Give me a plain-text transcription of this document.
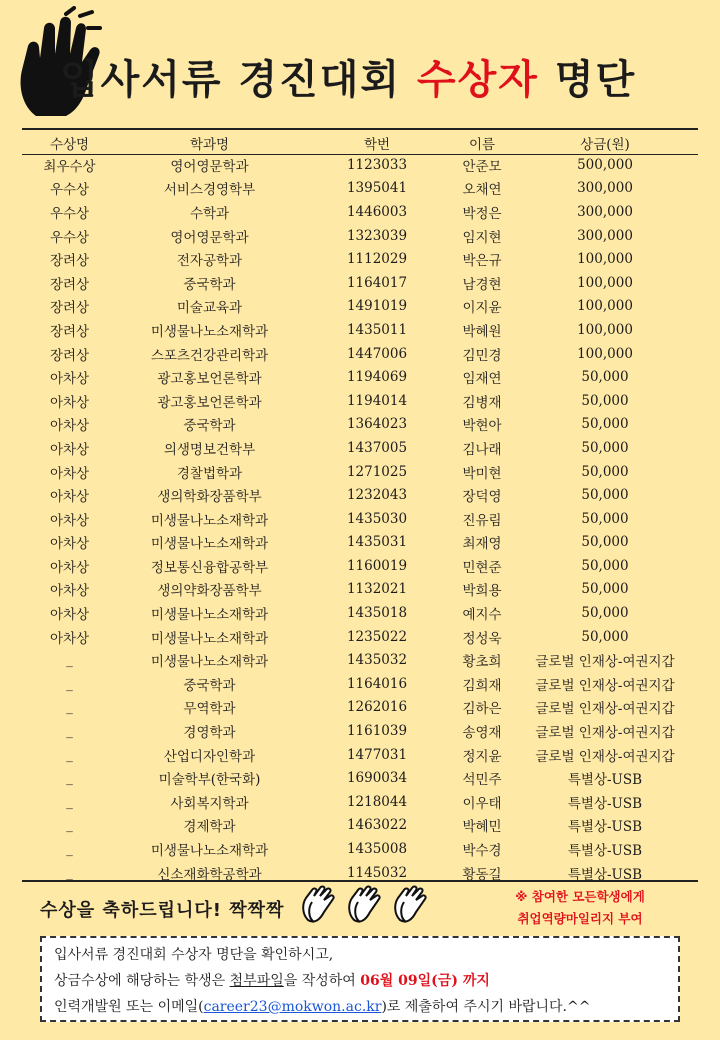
입사서류 경진대회 수상자 명단
수상명	학과명	학번	이름	상금(원)
최우수상	영어영문학과	1123033	안준모	500,000
우수상	서비스경영학부	1395041	오채연	300,000
우수상	수학과	1446003	박정은	300,000
우수상	영어영문학과	1323039	임지현	300,000
장려상	전자공학과	1112029	박은규	100,000
장려상	중국학과	1164017	남경현	100,000
장려상	미술교육과	1491019	이지윤	100,000
장려상	미생물나노소재학과	1435011	박혜원	100,000
장려상	스포츠건강관리학과	1447006	김민경	100,000
아차상	광고홍보언론학과	1194069	임재연	50,000
아차상	광고홍보언론학과	1194014	김병재	50,000
아차상	중국학과	1364023	박현아	50,000
아차상	의생명보건학부	1437005	김나래	50,000
아차상	경찰법학과	1271025	박미현	50,000
아차상	생의학화장품학부	1232043	장덕영	50,000
아차상	미생물나노소재학과	1435030	진유림	50,000
아차상	미생물나노소재학과	1435031	최재영	50,000
아차상	정보통신융합공학부	1160019	민현준	50,000
아차상	생의약화장품학부	1132021	박희용	50,000
아차상	미생물나노소재학과	1435018	예지수	50,000
아차상	미생물나노소재학과	1235022	정성욱	50,000
_	미생물나노소재학과	1435032	황초희	글로벌 인재상-여권지갑
_	중국학과	1164016	김희재	글로벌 인재상-여권지갑
_	무역학과	1262016	김하은	글로벌 인재상-여권지갑
_	경영학과	1161039	송영재	글로벌 인재상-여권지갑
_	산업디자인학과	1477031	정지윤	글로벌 인재상-여권지갑
_	미술학부(한국화)	1690034	석민주	특별상-USB
_	사회복지학과	1218044	이우태	특별상-USB
_	경제학과	1463022	박혜민	특별상-USB
_	미생물나노소재학과	1435008	박수경	특별상-USB
_	신소재화학공학과	1145032	황동길	특별상-USB
수상을 축하드립니다! 짝짝짝
※ 참여한 모든학생에게
취업역량마일리지 부여
입사서류 경진대회 수상자 명단을 확인하시고,
상금수상에 해당하는 학생은 첨부파일을 작성하여 06월 09일(금) 까지
인력개발원 또는 이메일(career23@mokwon.ac.kr)로 제출하여 주시기 바랍니다.^^
